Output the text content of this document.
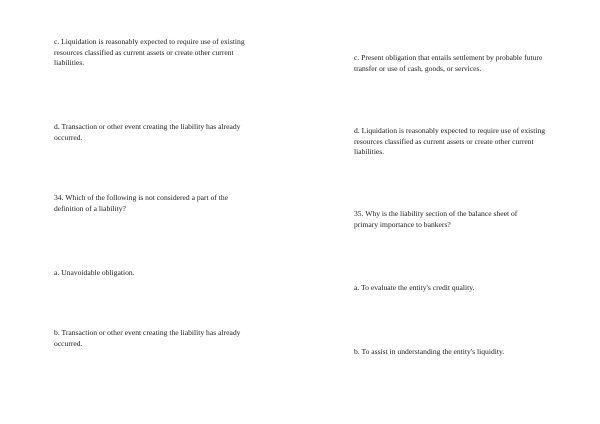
c. Liquidation is reasonably expected to require use of existing
resources classified as current assets or create other current
liabilities.

d. Transaction or other event creating the liability has already
occurred.

34. Which of the following is not considered a part of the
definition of a liability?

a. Unavoidable obligation.

b. Transaction or other event creating the liability has already
occurred.

c. Present obligation that entails settlement by probable future
transfer or use of cash, goods, or services.

d. Liquidation is reasonably expected to require use of existing
resources classified as current assets or create other current
liabilities.

35. Why is the liability section of the balance sheet of
primary importance to bankers?

a. To evaluate the entity's credit quality.

b. To assist in understanding the entity's liquidity.
